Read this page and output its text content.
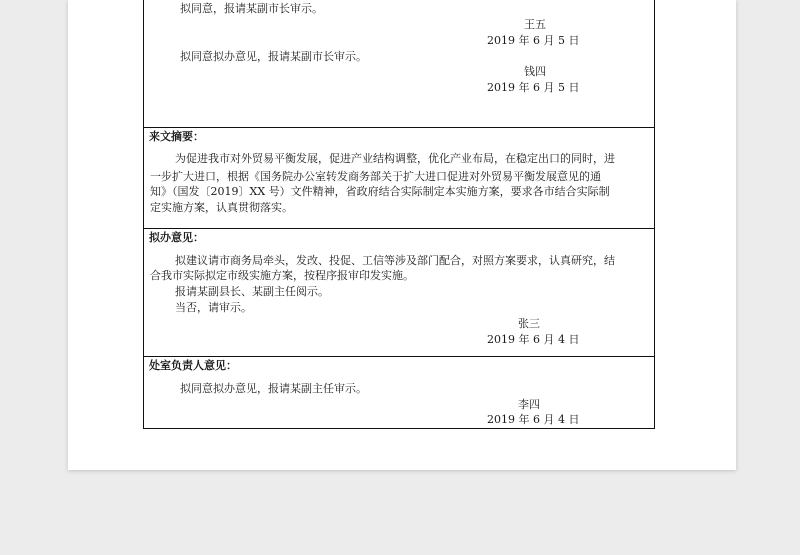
拟同意，报请某副市长审示。
王五
2019 年 6 月 5 日
拟同意拟办意见，报请某副市长审示。
钱四
2019 年 6 月 5 日
来文摘要：
为促进我市对外贸易平衡发展，促进产业结构调整，优化产业布局，在稳定出口的同时，进
一步扩大进口，根据《国务院办公室转发商务部关于扩大进口促进对外贸易平衡发展意见的通
知》（国发〔2019〕XX 号）文件精神，省政府结合实际制定本实施方案，要求各市结合实际制
定实施方案，认真贯彻落实。
拟办意见：
拟建议请市商务局牵头，发改、投促、工信等涉及部门配合，对照方案要求，认真研究，结
合我市实际拟定市级实施方案，按程序报审印发实施。
报请某副县长、某副主任阅示。
当否，请审示。
张三
2019 年 6 月 4 日
处室负责人意见：
拟同意拟办意见，报请某副主任审示。
李四
2019 年 6 月 4 日
